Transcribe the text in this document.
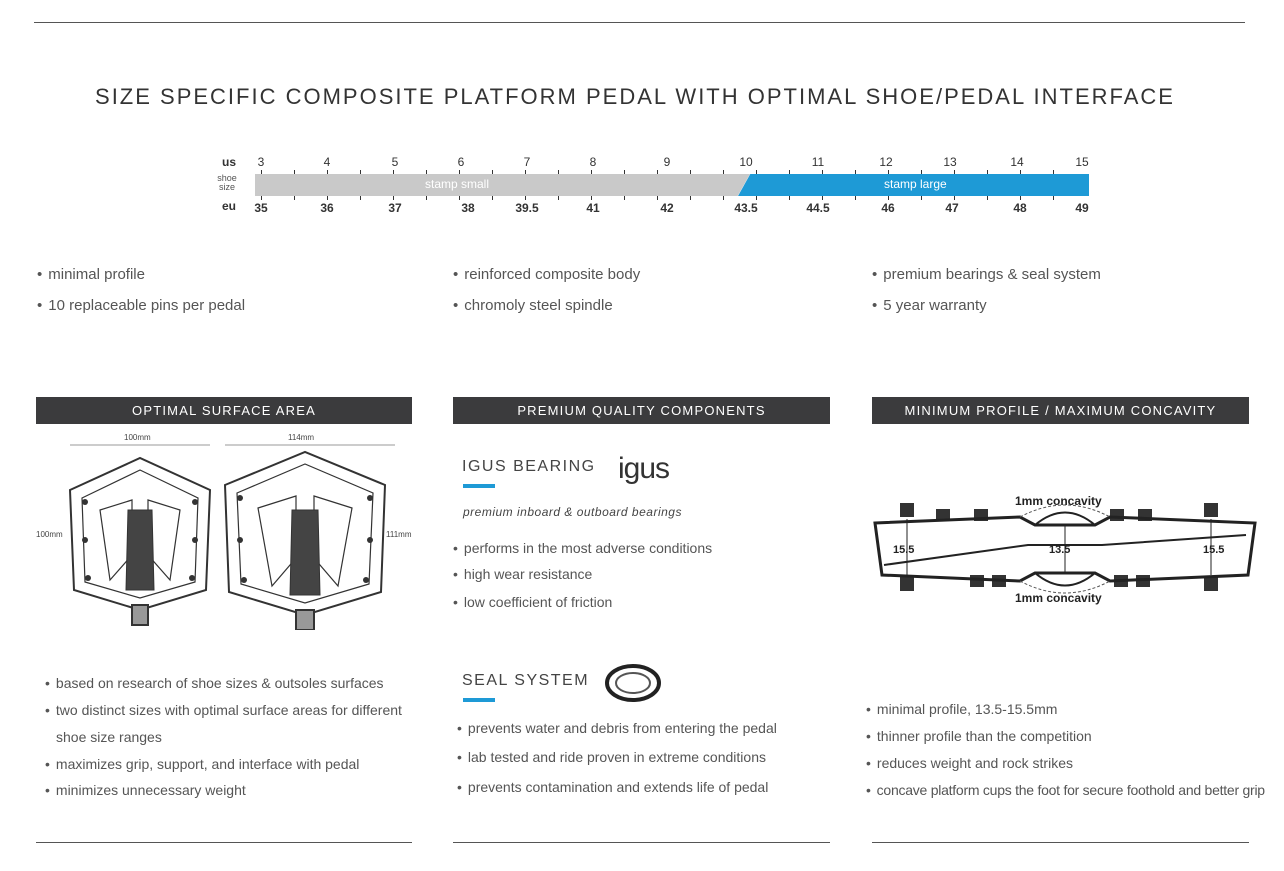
SIZE SPECIFIC COMPOSITE PLATFORM PEDAL WITH OPTIMAL SHOE/PEDAL INTERFACE
us
shoe
size
eu
stamp small	stamp large
3	4	5	6	7	8	9	10	11	12	13	14	15
35	36	37	38	39.5	41	42	43.5	44.5	46	47	48	49
• minimal profile
• 10 replaceable pins per pedal
• reinforced composite body
• chromoly steel spindle
• premium bearings & seal system
• 5 year warranty
OPTIMAL SURFACE AREA
100mm	114mm
100mm	111mm
• based on research of shoe sizes & outsoles surfaces
• two distinct sizes with optimal surface areas for different
shoe size ranges
• maximizes grip, support, and interface with pedal
• minimizes unnecessary weight
PREMIUM QUALITY COMPONENTS
IGUS BEARING igus
premium inboard & outboard bearings
• performs in the most adverse conditions
• high wear resistance
• low coefficient of friction
SEAL SYSTEM
• prevents water and debris from entering the pedal
• lab tested and ride proven in extreme conditions
• prevents contamination and extends life of pedal
MINIMUM PROFILE / MAXIMUM CONCAVITY
1mm concavity
1mm concavity
15.5	13.5	15.5
• minimal profile, 13.5-15.5mm
• thinner profile than the competition
• reduces weight and rock strikes
• concave platform cups the foot for secure foothold and better grip
